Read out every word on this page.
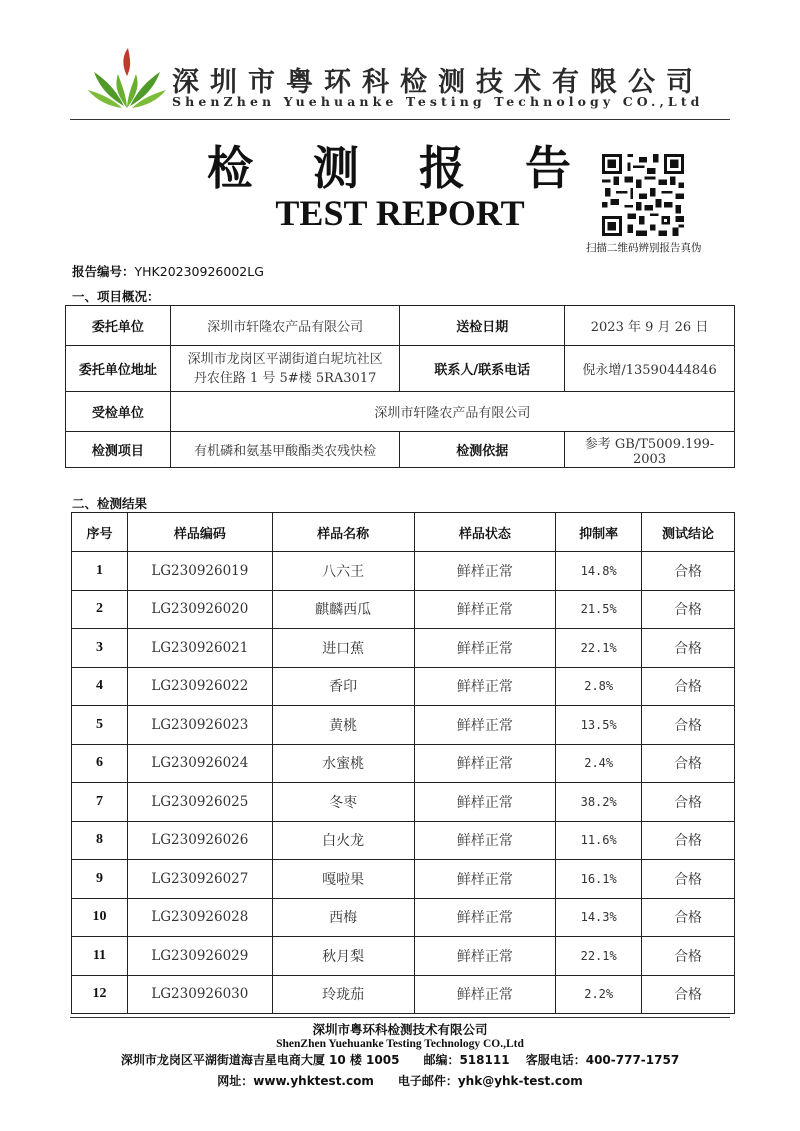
深圳市粤环科检测技术有限公司
ShenZhen Yuehuanke Testing Technology CO.,Ltd
检 测 报 告
TEST REPORT
扫描二维码辨别报告真伪
报告编号：YHK20230926002LG
一、项目概况：
委托单位	深圳市轩隆农产品有限公司	送检日期	2023 年 9 月 26 日
委托单位地址	深圳市龙岗区平湖街道白坭坑社区
丹农住路 1 号 5#楼 5RA3017	联系人/联系电话	倪永增/13590444846
受检单位	深圳市轩隆农产品有限公司		
检测项目	有机磷和氨基甲酸酯类农残快检	检测依据	参考 GB/T5009.199-2003
二、检测结果
序号	样品编码	样品名称	样品状态	抑制率	测试结论
1	LG230926019	八六王	鲜样正常	14.8%	合格
2	LG230926020	麒麟西瓜	鲜样正常	21.5%	合格
3	LG230926021	进口蕉	鲜样正常	22.1%	合格
4	LG230926022	香印	鲜样正常	2.8%	合格
5	LG230926023	黄桃	鲜样正常	13.5%	合格
6	LG230926024	水蜜桃	鲜样正常	2.4%	合格
7	LG230926025	冬枣	鲜样正常	38.2%	合格
8	LG230926026	白火龙	鲜样正常	11.6%	合格
9	LG230926027	嘎啦果	鲜样正常	16.1%	合格
10	LG230926028	西梅	鲜样正常	14.3%	合格
11	LG230926029	秋月梨	鲜样正常	22.1%	合格
12	LG230926030	玲珑茄	鲜样正常	2.2%	合格
深圳市粤环科检测技术有限公司
ShenZhen Yuehuanke Testing Technology CO.,Ltd
深圳市龙岗区平湖街道海吉星电商大厦 10 楼 1005　　邮编：518111　 客服电话：400-777-1757
网址：www.yhktest.com　　电子邮件：yhk@yhk-test.com
